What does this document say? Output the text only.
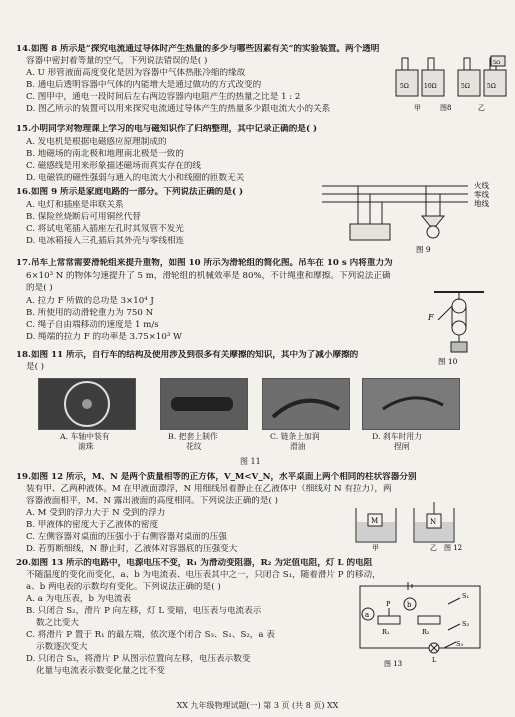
14.如图 8 所示是“探究电流通过导体时产生热量的多少与哪些因素有关”的实验装置。两个透明
容器中密封着等量的空气，下列说法错误的是( )
A. U 形管液面高度变化是因为容器中气体热胀冷缩的缘故
B. 通电后透明容器中气体的内能增大是通过做功的方式改变的
C. 图甲中，通电一段时间后左右两边容器内电阻产生的热量之比是 1 : 2
D. 图乙所示的装置可以用来探究电流通过导体产生的热量多少跟电流大小的关系
5Ω	10Ω	5Ω	5Ω
5Ω
甲	图8	乙
15.小明同学对物理课上学习的电与磁知识作了归纳整理，其中记录正确的是( )
A. 发电机是根据电磁感应原理制成的
B. 地磁场的南北极和地理南北极是一致的
C. 磁感线是用来形象描述磁场而真实存在的线
D. 电磁铁的磁性强弱与通入的电流大小和线圈的匝数无关
16.如图 9 所示是家庭电路的一部分。下列说法正确的是( )
A. 电灯和插座是串联关系
B. 保险丝烧断后可用铜丝代替
C. 将试电笔插入插座左孔时其氖管不发光
D. 电冰箱接入三孔插后其外壳与零线相连
火线
零线
地线
图 9
17.吊车上常常需要滑轮组来提升重物，如图 10 所示为滑轮组的简化图。吊车在 10 s 内将重力为
6×10³ N 的物体匀速提升了 5 m，滑轮组的机械效率是 80%，不计绳重和摩擦。下列说法正确
的是( )
A. 拉力 F 所做的总功是 3×10⁴ J
B. 所使用的动滑轮重力为 750 N
C. 绳子自由端移动的速度是 1 m/s
D. 绳端的拉力 F 的功率是 3.75×10³ W
F
图 10
18.如图 11 所示，自行车的结构及使用涉及到很多有关摩擦的知识，其中为了减小摩擦的
是( )
A. 车轴中装有
滚珠
B. 把套上制作
花纹
C. 链条上加润
滑油
D. 刹车时用力
捏闸
图 11
19.如图 12 所示，M、N 是两个质量相等的正方体，V_M<V_N，水平桌面上两个相同的柱状容器分别
装有甲、乙两种液体。M 在甲液面漂浮，N 用细线吊着静止在乙液体中（细线对 N 有拉力），两
容器液面相平，M、N 露出液面的高度相同。下列说法正确的是( )
A. M 受到的浮力大于 N 受到的浮力
B. 甲液体的密度大于乙液体的密度
C. 左侧容器对桌面的压强小于右侧容器对桌面的压强
D. 若剪断细线，N 静止时，乙液体对容器底的压强变大
M	N
甲	乙 图 12
20.如图 13 所示的电路中，电源电压不变，R₁ 为滑动变阻器，R₂ 为定值电阻，灯 L 的电阻
不随温度的变化而变化，a、b 为电流表、电压表其中之一，只闭合 S₁，随着滑片 P 的移动，
a、b 两电表的示数均有变化。下列说法正确的是( )
A. a 为电压表，b 为电流表
B. 只闭合 S₂，滑片 P 向左移，灯 L 变暗，电压表与电流表示
数之比变大
C. 将滑片 P 置于 R₁ 的最左端，依次逐个闭合 S₃、S₁、S₂，a 表
示数逐次变大
D. 只闭合 S₃，将滑片 P 从图示位置向左移，电压表示数变
化量与电流表示数变化量之比不变
a
b
P
R₁	R₂
S₁
S₂
S₃
L
图 13
XX 九年级物理试题(一) 第 3 页 (共 8 页) XX
